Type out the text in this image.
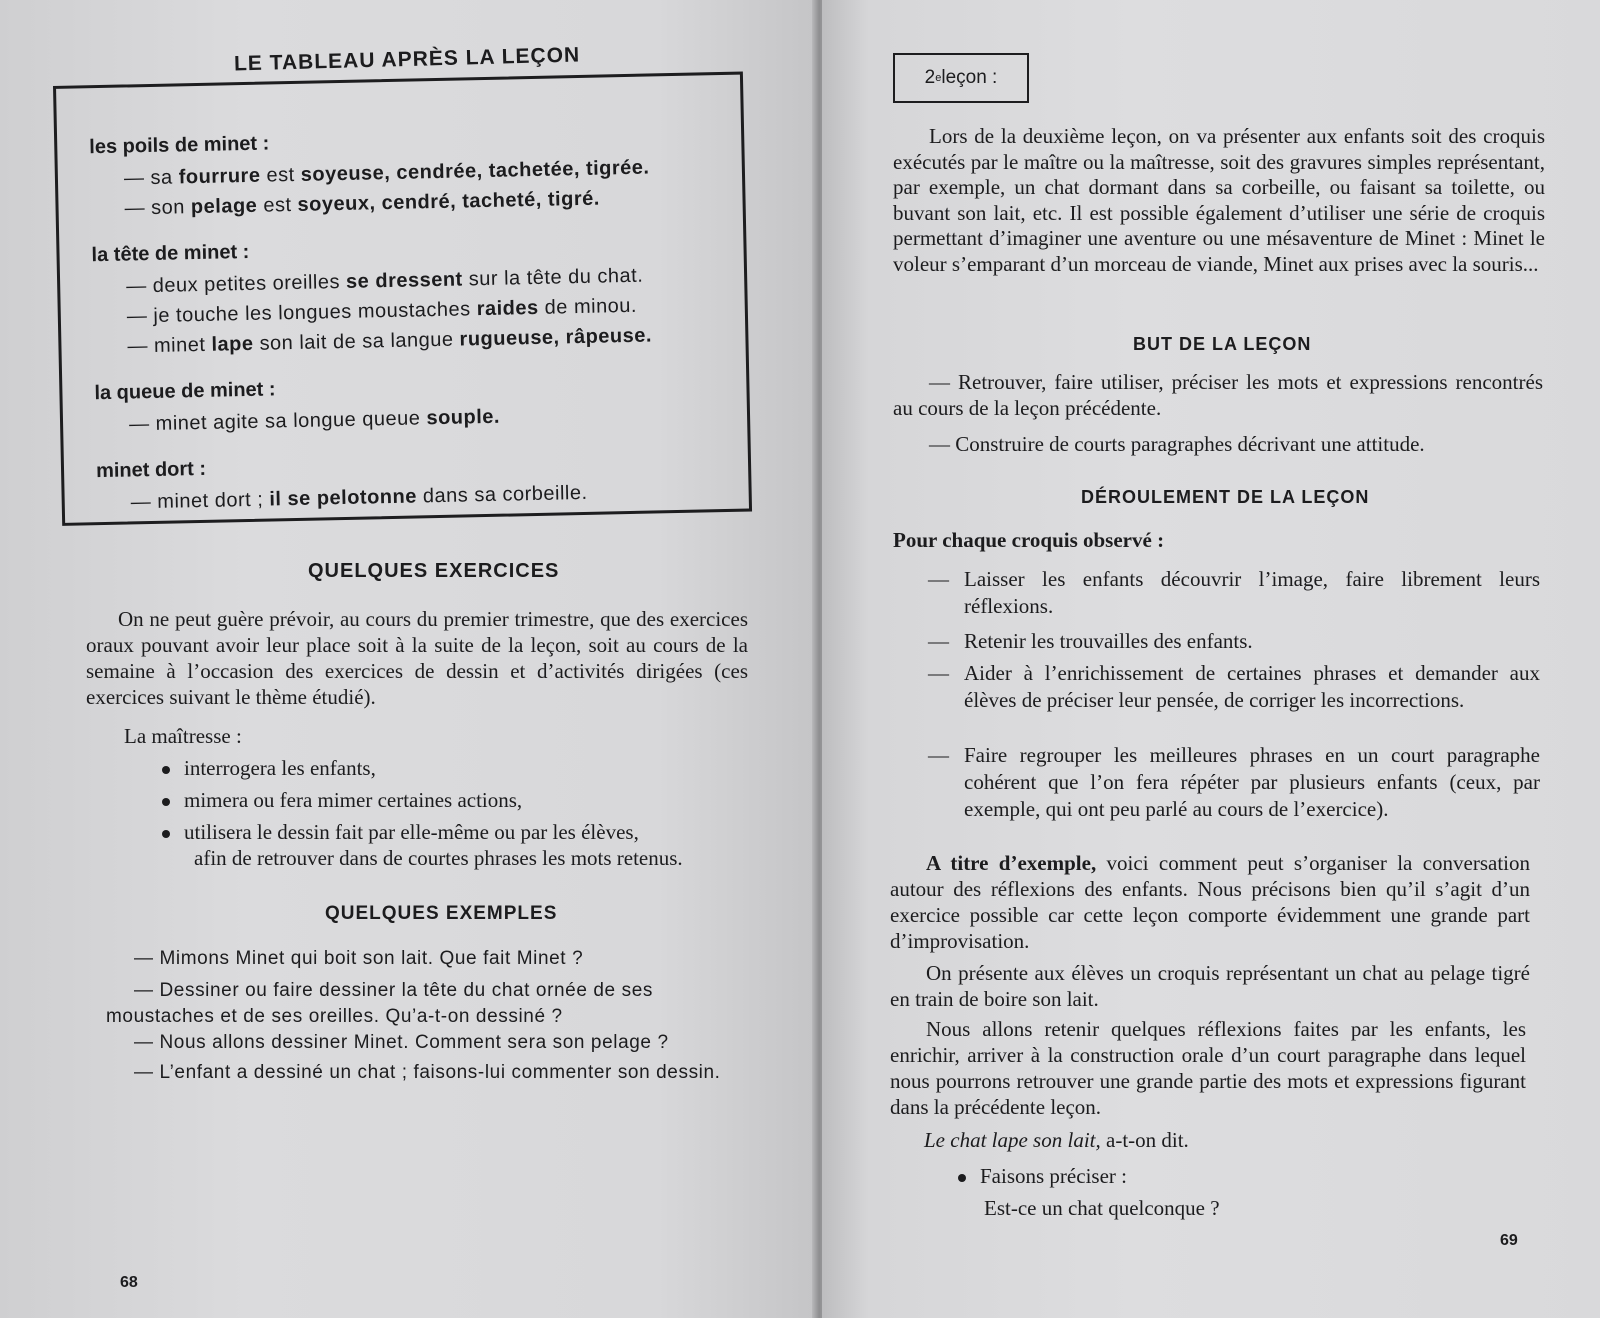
LE TABLEAU APRÈS LA LEÇON
les poils de minet :
— sa fourrure est soyeuse, cendrée, tachetée, tigrée.
— son pelage est soyeux, cendré, tacheté, tigré.
la tête de minet :
— deux petites oreilles se dressent sur la tête du chat.
— je touche les longues moustaches raides de minou.
— minet lape son lait de sa langue rugueuse, râpeuse.
la queue de minet :
— minet agite sa longue queue souple.
minet dort :
— minet dort ; il se pelotonne dans sa corbeille.
QUELQUES EXERCICES
On ne peut guère prévoir, au cours du premier trimestre, que des exercices oraux pouvant avoir leur place soit à la suite de la leçon, soit au cours de la semaine à l’occasion des exercices de dessin et d’activités dirigées (ces exercices suivant le thème étudié).
La maîtresse :
interrogera les enfants,
mimera ou fera mimer certaines actions,
utilisera le dessin fait par elle-même ou par les élèves,
afin de retrouver dans de courtes phrases les mots retenus.
QUELQUES EXEMPLES
— Mimons Minet qui boit son lait. Que fait Minet ?
— Dessiner ou faire dessiner la tête du chat ornée de ses
moustaches et de ses oreilles. Qu’a-t-on dessiné ?
— Nous allons dessiner Minet. Comment sera son pelage ?
— L’enfant a dessiné un chat ; faisons-lui commenter son dessin.
68
2 e leçon :
Lors de la deuxième leçon, on va présenter aux enfants soit des croquis exécutés par le maître ou la maîtresse, soit des gravures simples représentant, par exemple, un chat dormant dans sa corbeille, ou faisant sa toilette, ou buvant son lait, etc. Il est possible également d’utiliser une série de croquis permettant d’imaginer une aventure ou une mésaventure de Minet : Minet le voleur s’emparant d’un morceau de viande, Minet aux prises avec la souris...
BUT DE LA LEÇON
— Retrouver, faire utiliser, préciser les mots et expressions rencontrés au cours de la leçon précédente.
— Construire de courts paragraphes décrivant une attitude.
DÉROULEMENT DE LA LEÇON
Pour chaque croquis observé :
— Laisser les enfants découvrir l’image, faire librement leurs réflexions.
— Retenir les trouvailles des enfants.
— Aider à l’enrichissement de certaines phrases et demander aux élèves de préciser leur pensée, de corriger les incorrections.
— Faire regrouper les meilleures phrases en un court paragraphe cohérent que l’on fera répéter par plusieurs enfants (ceux, par exemple, qui ont peu parlé au cours de l’exercice).
A titre d’exemple, voici comment peut s’organiser la conversation autour des réflexions des enfants. Nous précisons bien qu’il s’agit d’un exercice possible car cette leçon comporte évidemment une grande part d’improvisation.
On présente aux élèves un croquis représentant un chat au pelage tigré en train de boire son lait.
Nous allons retenir quelques réflexions faites par les enfants, les enrichir, arriver à la construction orale d’un court paragraphe dans lequel nous pourrons retrouver une grande partie des mots et expressions figurant dans la précédente leçon.
Le chat lape son lait, a-t-on dit.
Faisons préciser :
Est-ce un chat quelconque ?
69
